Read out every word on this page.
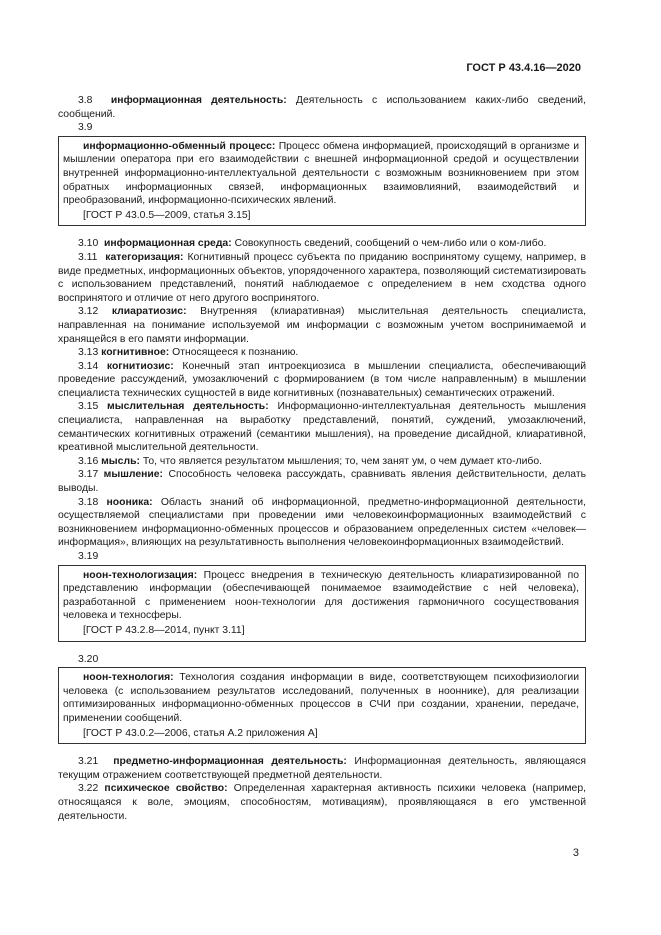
ГОСТ Р 43.4.16—2020

3.8 информационная деятельность: Деятельность с использованием каких-либо сведений, сообщений.

3.9

информационно-обменный процесс: Процесс обмена информацией, происходящий в организме и мышлении оператора при его взаимодействии с внешней информационной средой и осуществлении внутренней информационно-интеллектуальной деятельности с возможным возникновением при этом обратных информационных связей, информационных взаимовлияний, взаимодействий и преобразований, информационно-психических явлений.

[ГОСТ Р 43.0.5—2009, статья 3.15]

3.10 информационная среда: Совокупность сведений, сообщений о чем-либо или о ком-либо.

3.11 категоризация: Когнитивный процесс субъекта по приданию воспринятому сущему, например, в виде предметных, информационных объектов, упорядоченного характера, позволяющий систематизировать с использованием представлений, понятий наблюдаемое с определением в нем сходства одного воспринятого и отличие от него другого воспринятого.

3.12 клиаратиозис: Внутренняя (клиаративная) мыслительная деятельность специалиста, направленная на понимание используемой им информации с возможным учетом воспринимаемой и хранящейся в его памяти информации.

3.13 когнитивное: Относящееся к познанию.

3.14 когнитиозис: Конечный этап интроекциозиса в мышлении специалиста, обеспечивающий проведение рассуждений, умозаключений с формированием (в том числе направленным) в мышлении специалиста технических сущностей в виде когнитивных (познавательных) семантических отражений.

3.15 мыслительная деятельность: Информационно-интеллектуальная деятельность мышления специалиста, направленная на выработку представлений, понятий, суждений, умозаключений, семантических когнитивных отражений (семантики мышления), на проведение дисайдной, клиаративной, креативной мыслительной деятельности.

3.16 мысль: То, что является результатом мышления; то, чем занят ум, о чем думает кто-либо.

3.17 мышление: Способность человека рассуждать, сравнивать явления действительности, делать выводы.

3.18 нооника: Область знаний об информационной, предметно-информационной деятельности, осуществляемой специалистами при проведении ими человекоинформационных взаимодействий с возникновением информационно-обменных процессов и образованием определенных систем «человек—информация», влияющих на результативность выполнения человекоинформационных взаимодействий.

3.19

ноон-технологизация: Процесс внедрения в техническую деятельность клиаратизированной по представлению информации (обеспечивающей понимаемое взаимодействие с ней человека), разработанной с применением ноон-технологии для достижения гармоничного сосуществования человека и техносферы.

[ГОСТ Р 43.2.8—2014, пункт 3.11]

3.20

ноон-технология: Технология создания информации в виде, соответствующем психофизиологии человека (с использованием результатов исследований, полученных в нооннике), для реализации оптимизированных информационно-обменных процессов в СЧИ при создании, хранении, передаче, применении сообщений.

[ГОСТ Р 43.0.2—2006, статья А.2 приложения А]

3.21 предметно-информационная деятельность: Информационная деятельность, являющаяся текущим отражением соответствующей предметной деятельности.

3.22 психическое свойство: Определенная характерная активность психики человека (например, относящаяся к воле, эмоциям, способностям, мотивациям), проявляющаяся в его умственной деятельности.

3
